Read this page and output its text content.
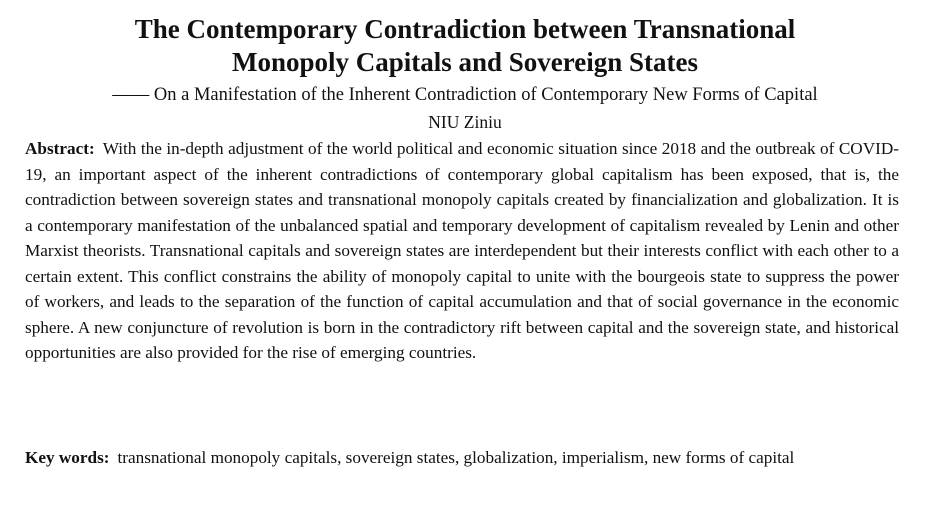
The Contemporary Contradiction between Transnational
Monopoly Capitals and Sovereign States
—— On a Manifestation of the Inherent Contradiction of Contemporary New Forms of Capital
NIU Ziniu
Abstract: With the in-depth adjustment of the world political and economic situation since 2018 and the outbreak of COVID-19, an important aspect of the inherent contradictions of contemporary global capitalism has been exposed, that is, the contradiction between sovereign states and transnational monopoly capitals created by financialization and globalization. It is a contemporary manifestation of the unbalanced spatial and temporary development of capitalism revealed by Lenin and other Marxist theorists. Transnational capitals and sovereign states are interdependent but their interests conflict with each other to a certain extent. This conflict constrains the ability of monopoly capital to unite with the bourgeois state to suppress the power of workers, and leads to the separation of the function of capital accumulation and that of social governance in the economic sphere. A new conjuncture of revolution is born in the contradictory rift between capital and the sovereign state, and historical opportunities are also provided for the rise of emerging countries.
Key words: transnational monopoly capitals, sovereign states, globalization, imperialism, new forms of capital
